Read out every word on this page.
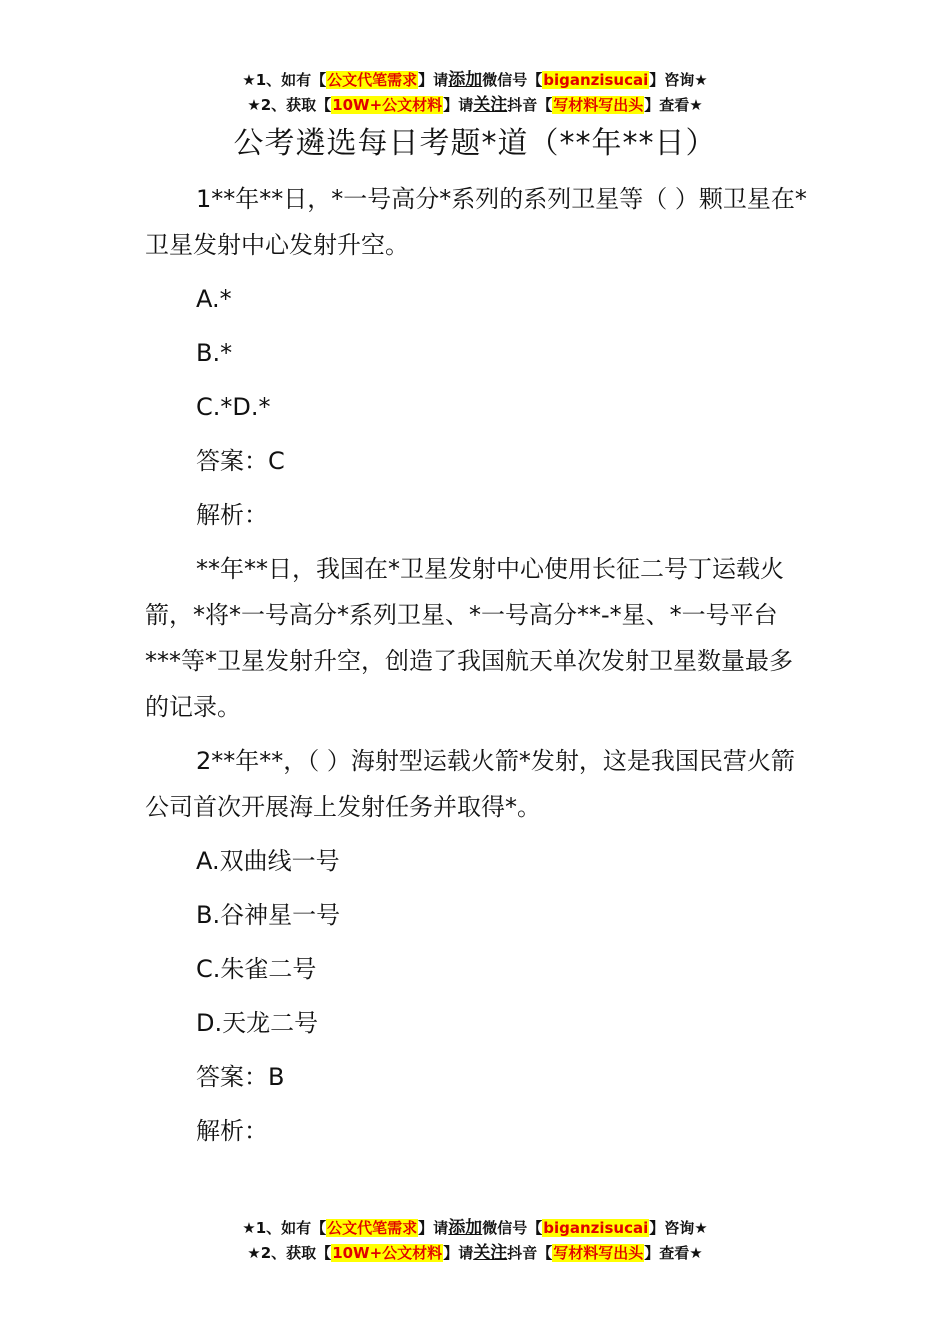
★1、如有【公文代笔需求】请添加微信号【biganzisucai】咨询★
★2、获取【10W+公文材料】请关注抖音【写材料写出头】查看★
公考遴选每日考题*道（**年**日）

1**年**日，*一号高分*系列的系列卫星等（ ）颗卫星在*卫星发射中心发射升空。

A.*

B.*

C.*D.*

答案：C

解析：

**年**日，我国在*卫星发射中心使用长征二号丁运载火箭，*将*一号高分*系列卫星、*一号高分**-*星、*一号平台***等*卫星发射升空，创造了我国航天单次发射卫星数量最多的记录。

2**年**，（ ）海射型运载火箭*发射，这是我国民营火箭公司首次开展海上发射任务并取得*。

A.双曲线一号

B.谷神星一号

C.朱雀二号

D.天龙二号

答案：B

解析：

★1、如有【公文代笔需求】请添加微信号【biganzisucai】咨询★
★2、获取【10W+公文材料】请关注抖音【写材料写出头】查看★
